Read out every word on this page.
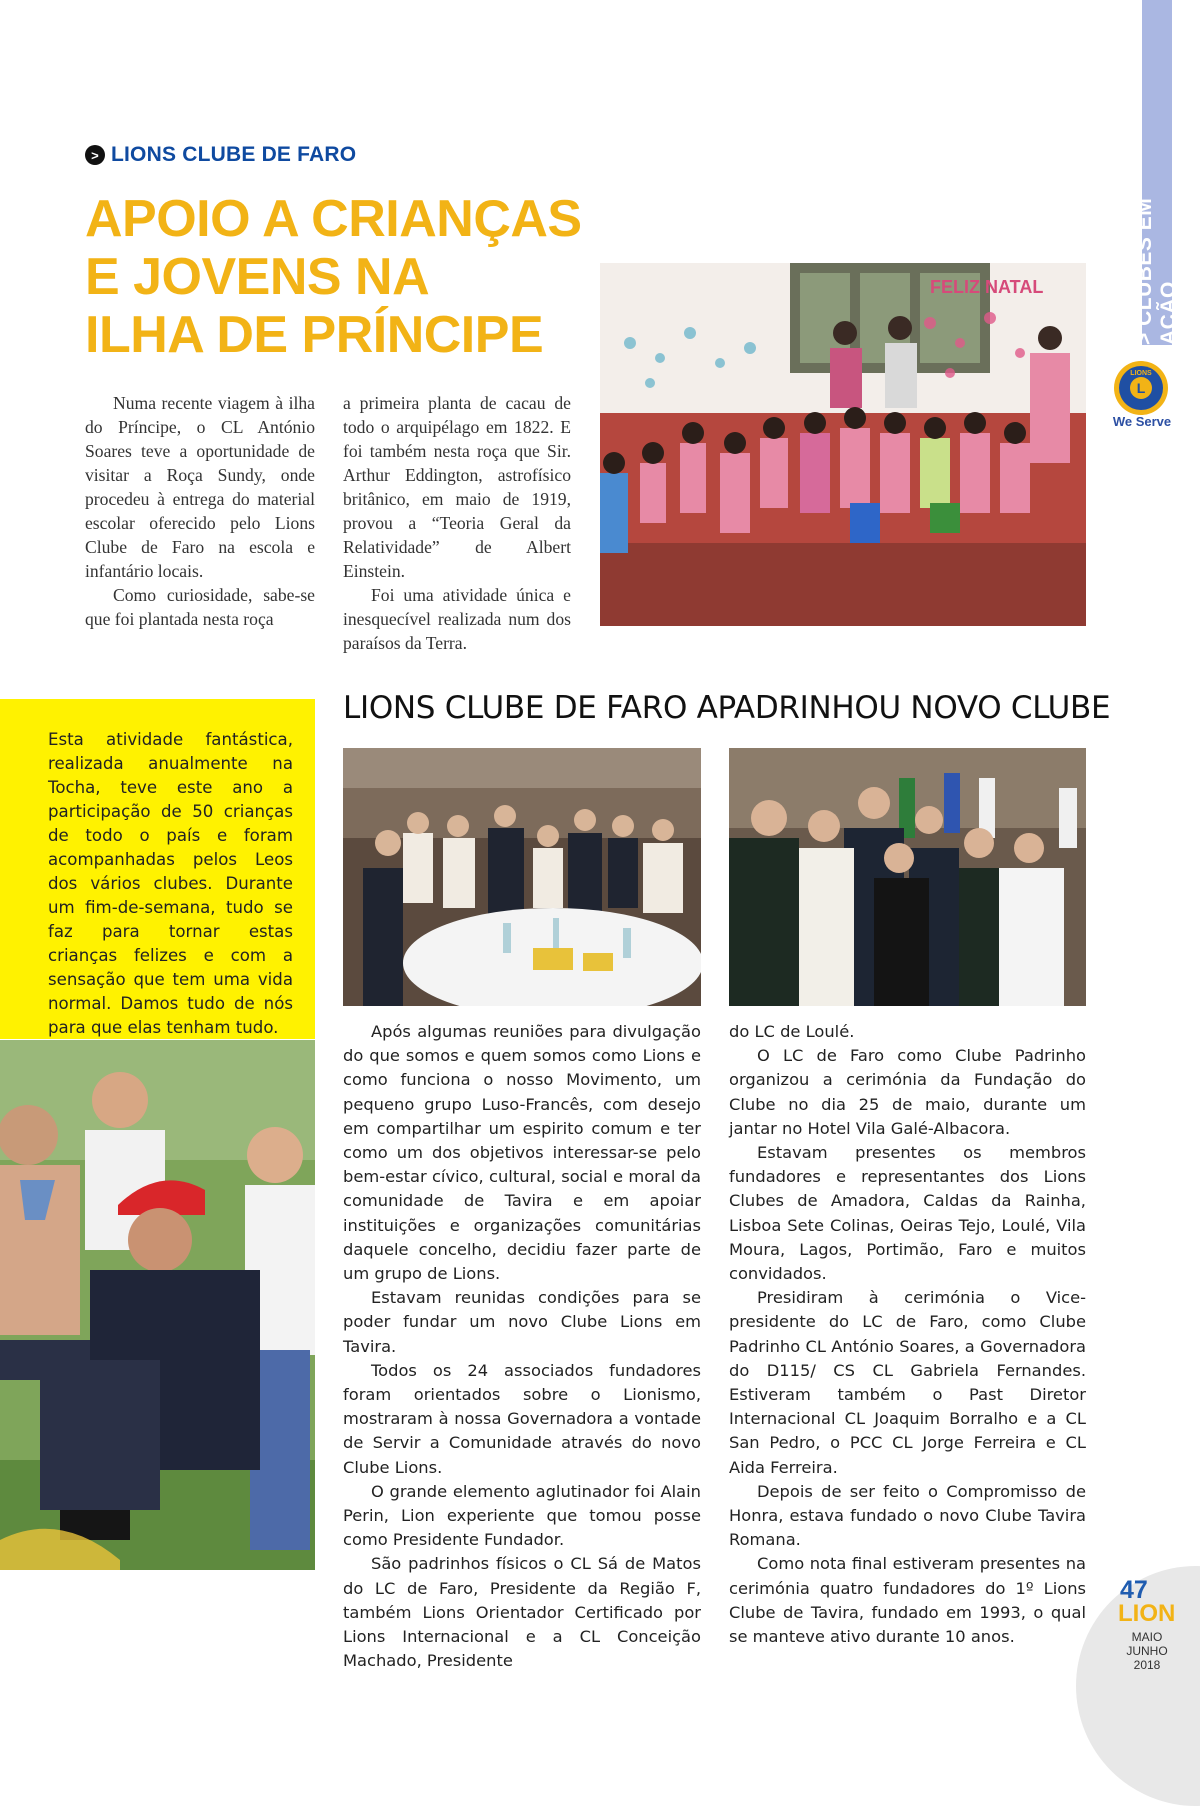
> CLUBES EM AÇÃO
L
LIONS
We Serve
> LIONS CLUBE DE FARO
APOIO A CRIANÇAS
E JOVENS NA
ILHA DE PRÍNCIPE

Numa recente viagem à ilha do Príncipe, o CL António Soares teve a oportunidade de visitar a Roça Sundy, onde procedeu à entrega do material escolar oferecido pelo Lions Clube de Faro na escola e infantário locais.

Como curiosidade, sabe-se que foi plantada nesta roça

a primeira planta de cacau de todo o arquipélago em 1822. E foi também nesta roça que Sir. Arthur Eddington, astrofísico britânico, em maio de 1919, provou a “Teoria Geral da Relatividade” de Albert Einstein.

Foi uma atividade única e inesquecível realizada num dos paraísos da Terra.

FELIZ NATAL
Esta atividade fantástica, realizada anualmente na Tocha, teve este ano a participação de 50 crianças de todo o país e foram acompanhadas pelos Leos dos vários clubes. Durante um fim-de-semana, tudo se faz para tornar estas crianças felizes e com a sensação que tem uma vida normal. Damos tudo de nós para que elas tenham tudo.
LIONS CLUBE DE FARO APADRINHOU NOVO CLUBE

Após algumas reuniões para divulgação do que somos e quem somos como Lions e como funciona o nosso Movimento, um pequeno grupo Luso-Francês, com desejo em compartilhar um espirito comum e ter como um dos objetivos interessar-se pelo bem-estar cívico, cultural, social e moral da comunidade de Tavira e em apoiar instituições e organizações comunitárias daquele concelho, decidiu fazer parte de um grupo de Lions.

Estavam reunidas condições para se poder fundar um novo Clube Lions em Tavira.

Todos os 24 associados fundadores foram orientados sobre o Lionismo, mostraram à nossa Governadora a vontade de Servir a Comunidade através do novo Clube Lions.

O grande elemento aglutinador foi Alain Perin, Lion experiente que tomou posse como Presidente Fundador.

São padrinhos físicos o CL Sá de Matos do LC de Faro, Presidente da Região F, também Lions Orientador Certificado por Lions Internacional e a CL Conceição Machado, Presidente

do LC de Loulé.

O LC de Faro como Clube Padrinho organizou a cerimónia da Fundação do Clube no dia 25 de maio, durante um jantar no Hotel Vila Galé-Albacora.

Estavam presentes os membros fundadores e representantes dos Lions Clubes de Amadora, Caldas da Rainha, Lisboa Sete Colinas, Oeiras Tejo, Loulé, Vila Moura, Lagos, Portimão, Faro e muitos convidados.

Presidiram à cerimónia o Vice-presidente do LC de Faro, como Clube Padrinho CL António Soares, a Governadora do D115/ CS CL Gabriela Fernandes. Estiveram também o Past Diretor Internacional CL Joaquim Borralho e a CL San Pedro, o PCC CL Jorge Ferreira e CL Aida Ferreira.

Depois de ser feito o Compromisso de Honra, estava fundado o novo Clube Tavira Romana.

Como nota final estiveram presentes na cerimónia quatro fundadores do 1º Lions Clube de Tavira, fundado em 1993, o qual se manteve ativo durante 10 anos.

47
LION
MAIO
JUNHO
2018
